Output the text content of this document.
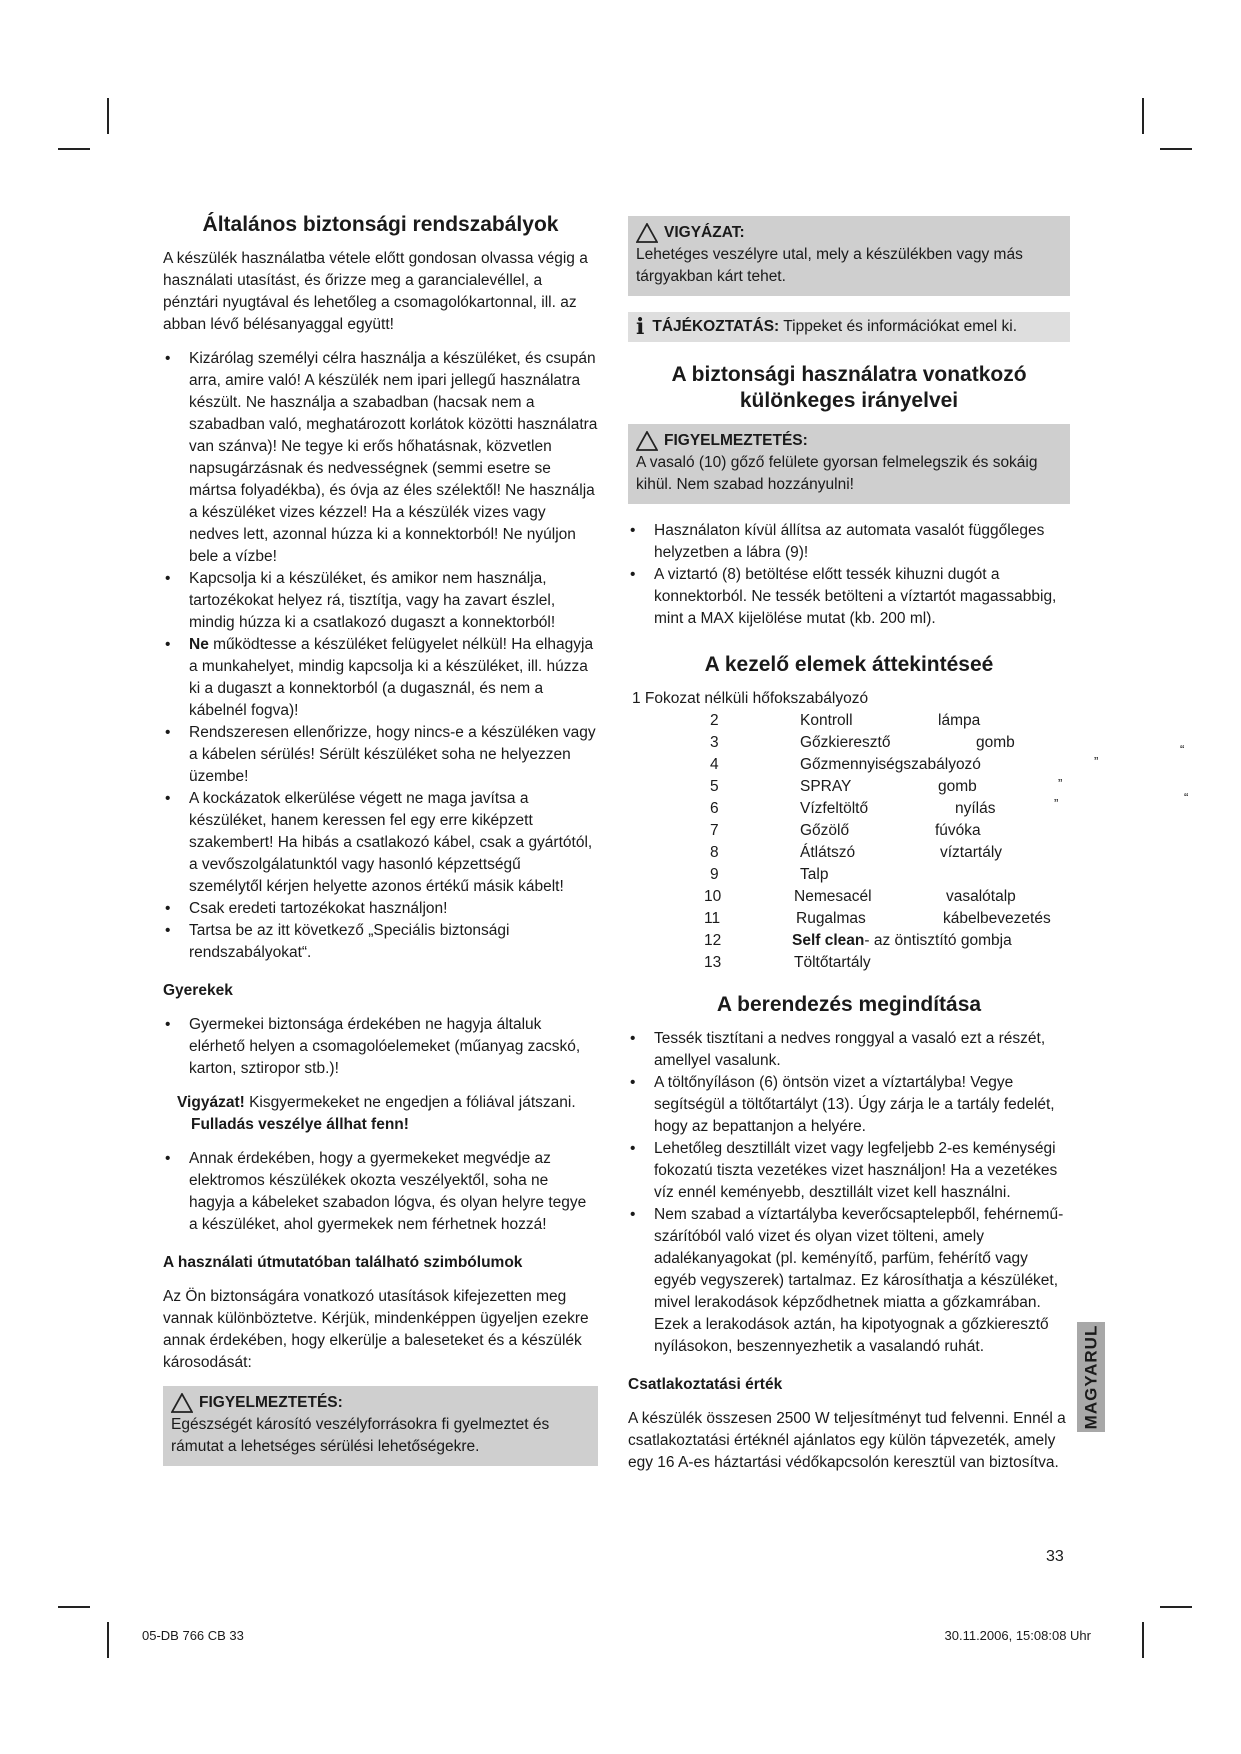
Általános biztonsági rendszabályok

A készülék használatba vétele előtt gondosan olvassa végig a használati utasítást, és őrizze meg a garancialevéllel, a pénztári nyugtával és lehetőleg a csomagolókartonnal, ill. az abban lévő bélésanyaggal együtt!

• Kizárólag személyi célra használja a készüléket, és csupán arra, amire való! A készülék nem ipari jellegű használatra készült. Ne használja a szabadban (hacsak nem a szabadban való, meghatározott korlátok közötti használatra van szánva)! Ne tegye ki erős hőhatásnak, közvetlen napsugárzásnak és nedvességnek (semmi esetre se mártsa folyadékba), és óvja az éles szélektől! Ne használja a készüléket vizes kézzel! Ha a készülék vizes vagy nedves lett, azonnal húzza ki a konnektorból! Ne nyúljon bele a vízbe!
• Kapcsolja ki a készüléket, és amikor nem használja, tartozékokat helyez rá, tisztítja, vagy ha zavart észlel, mindig húzza ki a csatlakozó dugaszt a konnektorból!
• Ne működtesse a készüléket felügyelet nélkül! Ha elhagyja a munkahelyet, mindig kapcsolja ki a készüléket, ill. húzza ki a dugaszt a konnektorból (a dugasznál, és nem a kábelnél fogva)!
• Rendszeresen ellenőrizze, hogy nincs-e a készüléken vagy a kábelen sérülés! Sérült készüléket soha ne helyezzen üzembe!
• A kockázatok elkerülése végett ne maga javítsa a készüléket, hanem keressen fel egy erre kiképzett szakembert! Ha hibás a csatlakozó kábel, csak a gyártótól, a vevőszolgálatunktól vagy hasonló képzettségű személytől kérjen helyette azonos értékű másik kábelt!
• Csak eredeti tartozékokat használjon!
• Tartsa be az itt következő „Speciális biztonsági rendszabályokat“.

Gyerekek

• Gyermekei biztonsága érdekében ne hagyja általuk elérhető helyen a csomagolóelemeket (műanyag zacskó, karton, sztiropor stb.)!

Vigyázat! Kisgyermekeket ne engedjen a fóliával játszani.
Fulladás veszélye állhat fenn!

• Annak érdekében, hogy a gyermekeket megvédje az elektromos készülékek okozta veszélyektől, soha ne hagyja a kábeleket szabadon lógva, és olyan helyre tegye a készüléket, ahol gyermekek nem férhetnek hozzá!

A használati útmutatóban található szimbólumok

Az Ön biztonságára vonatkozó utasítások kifejezetten meg vannak különböztetve. Kérjük, mindenképpen ügyeljen ezekre annak érdekében, hogy elkerülje a baleseteket és a készülék károsodását:

FIGYELMEZTETÉS:

Egészségét károsító veszélyforrásokra fi gyelmeztet és rámutat a lehetséges sérülési lehetőségekre.

VIGYÁZAT:

Lehetéges veszélyre utal, mely a készülékben vagy más tárgyakban kárt tehet.

i TÁJÉKOZTATÁS: Tippeket és információkat emel ki.
A biztonsági használatra vonatkozó
különkeges irányelvei
FIGYELMEZTETÉS:

A vasaló (10) gőző felülete gyorsan felmelegszik és sokáig kihül. Nem szabad hozzányulni!

• Használaton kívül állítsa az automata vasalót függőleges helyzetben a lábra (9)!
• A viztartó (8) betöltése előtt tessék kihuzni dugót a konnektorból. Ne tessék betölteni a víztartót magassabbig, mint a MAX kijelölése mutat (kb. 200 ml).
A kezelő elemek áttekintéseé
1 Fokozat nélküli hőfokszabályozó
2	Kontroll	lámpa
3	Gőzkieresztő	gomb
4	Gőzmennyiségszabályozó
5	SPRAY	gomb
6	Vízfeltöltő	nyílás
7	Gőzölő	fúvóka
8	Átlátszó	víztartály
9	Talp
10	Nemesacél	vasalótalp
11	Rugalmas	kábelbevezetés
12	Self clean - az öntisztító gombja
13	Töltőtartály
A berendezés megindítása
• Tessék tisztítani a nedves ronggyal a vasaló ezt a részét, amellyel vasalunk.
• A töltőnyíláson (6) öntsön vizet a víztartályba! Vegye segítségül a töltőtartályt (13). Úgy zárja le a tartály fedelét, hogy az bepattanjon a helyére.
• Lehetőleg desztillált vizet vagy legfeljebb 2-es keménységi fokozatú tiszta vezetékes vizet használjon! Ha a vezetékes víz ennél keményebb, desztillált vizet kell használni.
• Nem szabad a víztartályba keverőcsaptelepből, fehérnemű-szárítóból való vizet és olyan vizet tölteni, amely adalékanyagokat (pl. keményítő, parfüm, fehérítő vagy egyéb vegyszerek) tartalmaz. Ez károsíthatja a készüléket, mivel lerakodások képződhetnek miatta a gőzkamrában. Ezek a lerakodások aztán, ha kipotyognak a gőzkieresztő nyílásokon, beszennyezhetik a vasalandó ruhát.

Csatlakoztatási érték

A készülék összesen 2500 W teljesítményt tud felvenni. Ennél a csatlakoztatási értéknél ajánlatos egy külön tápvezeték, amely egy 16 A-es háztartási védőkapcsolón keresztül van biztosítva.

“
”
”
“
”
MAGYARUL
33
05-DB 766 CB 33	30.11.2006, 15:08:08 Uhr
